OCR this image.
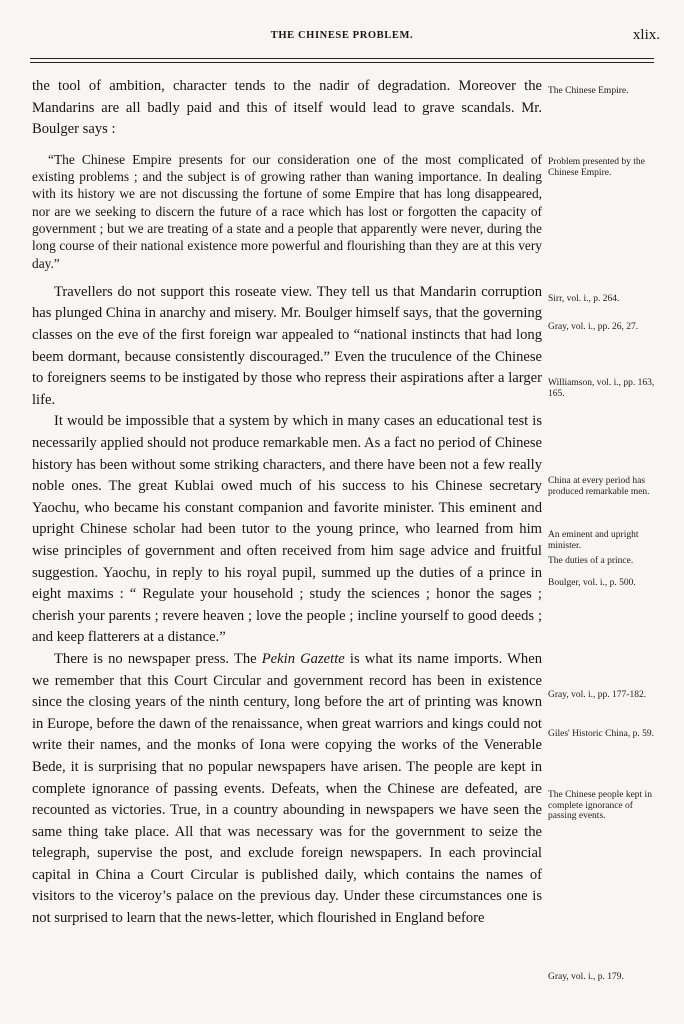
THE CHINESE PROBLEM.	xlix.

the tool of ambition, character tends to the nadir of degradation. Moreover the Mandarins are all badly paid and this of itself would lead to grave scandals. Mr. Boulger says :

“The Chinese Empire presents for our consideration one of the most complicated of existing problems ; and the subject is of growing rather than waning importance. In dealing with its history we are not discussing the fortune of some Empire that has long disappeared, nor are we seeking to discern the future of a race which has lost or forgotten the capacity of government ; but we are treating of a state and a people that apparently were never, during the long course of their national existence more powerful and flourishing than they are at this very day.”

Travellers do not support this roseate view. They tell us that Mandarin corruption has plunged China in anarchy and misery. Mr. Boulger himself says, that the governing classes on the eve of the first foreign war appealed to “national instincts that had long beem dormant, because consistently discouraged.” Even the truculence of the Chinese to foreigners seems to be instigated by those who repress their aspirations after a larger life.

It would be impossible that a system by which in many cases an educational test is necessarily applied should not produce remarkable men. As a fact no period of Chinese history has been without some striking characters, and there have been not a few really noble ones. The great Kublai owed much of his success to his Chinese secretary Yaochu, who became his constant companion and favorite minister. This eminent and upright Chinese scholar had been tutor to the young prince, who learned from him wise principles of government and often received from him sage advice and fruitful suggestion. Yaochu, in reply to his royal pupil, summed up the duties of a prince in eight maxims : “ Regulate your household ; study the sciences ; honor the sages ; cherish your parents ; revere heaven ; love the people ; incline yourself to good deeds ; and keep flatterers at a distance.”

There is no newspaper press. The Pekin Gazette is what its name imports. When we remember that this Court Circular and government record has been in existence since the closing years of the ninth century, long before the art of printing was known in Europe, before the dawn of the renaissance, when great warriors and kings could not write their names, and the monks of Iona were copying the works of the Venerable Bede, it is surprising that no popular newspapers have arisen. The people are kept in complete ignorance of passing events. Defeats, when the Chinese are defeated, are recounted as victories. True, in a country abounding in newspapers we have seen the same thing take place. All that was necessary was for the government to seize the telegraph, supervise the post, and exclude foreign newspapers. In each provincial capital in China a Court Circular is published daily, which contains the names of visitors to the viceroy’s palace on the previous day. Under these circumstances one is not surprised to learn that the news-letter, which flourished in England before

The Chinese Empire.
Problem presented by the Chinese Empire.
Sirr, vol. i., p. 264.
Gray, vol. i., pp. 26, 27.
Williamson, vol. i., pp. 163, 165.
China at every period has produced remarkable men.
An eminent and upright minister.
The duties of a prince.
Boulger, vol. i., p. 500.
Gray, vol. i., pp. 177-182.
Giles' Historic China, p. 59.
The Chinese people kept in complete ignorance of passing events.
Gray, vol. i., p. 179.
